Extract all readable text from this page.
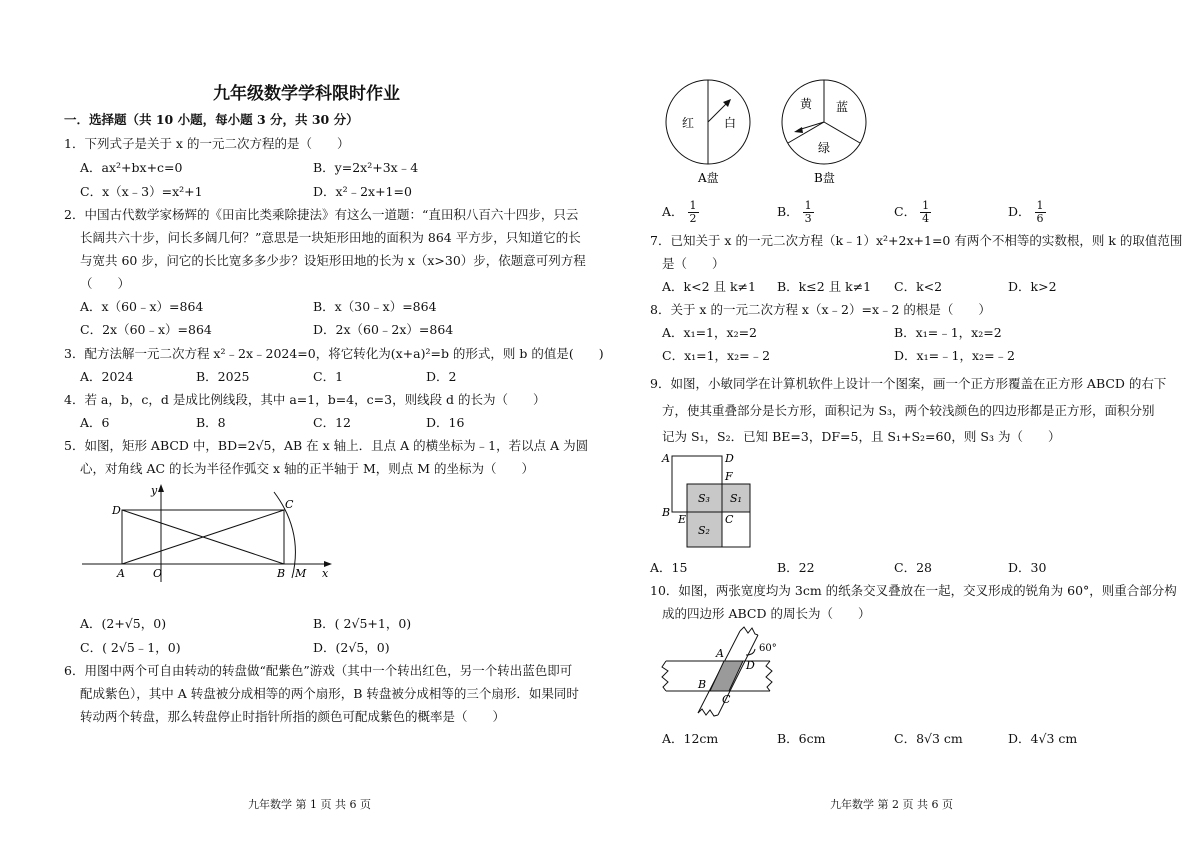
九年级数学学科限时作业
一．选择题（共 10 小题，每小题 3 分，共 30 分）
1．下列式子是关于 x 的一元二次方程的是（　　）
A．ax²+bx+c=0	B．y=2x²+3x﹣4
C．x（x﹣3）=x²+1	D．x²﹣2x+1=0
2．中国古代数学家杨辉的《田亩比类乘除捷法》有这么一道题：“直田积八百六十四步，只云
长阔共六十步，问长多阔几何？”意思是一块矩形田地的面积为 864 平方步，只知道它的长
与宽共 60 步，问它的长比宽多多少步？设矩形田地的长为 x（x>30）步，依题意可列方程
（　　）
A．x（60﹣x）=864	B．x（30﹣x）=864
C．2x（60﹣x）=864	D．2x（60﹣2x）=864
3．配方法解一元二次方程 x²﹣2x﹣2024=0，将它转化为(x+a)²=b 的形式，则 b 的值是(　　)
A．2024	B．2025	C．1	D．2
4．若 a，b，c，d 是成比例线段，其中 a=1，b=4，c=3，则线段 d 的长为（　　）
A．6	B．8	C．12	D．16
5．如图，矩形 ABCD 中，BD=2√5，AB 在 x 轴上．且点 A 的横坐标为﹣1，若以点 A 为圆
心，对角线 AC 的长为半径作弧交 x 轴的正半轴于 M，则点 M 的坐标为（　　）
D	C
A	O	B M x
y
A．(2+√5，0)	B．( 2√5+1，0)
C．( 2√5﹣1，0)	D．(2√5，0)
6．用图中两个可自由转动的转盘做“配紫色”游戏（其中一个转出红色，另一个转出蓝色即可
配成紫色），其中 A 转盘被分成相等的两个扇形，B 转盘被分成相等的三个扇形．如果同时
转动两个转盘，那么转盘停止时指针所指的颜色可配成紫色的概率是（　　）
九年数学 第 1 页 共 6 页
红 白
A盘
黄 蓝
绿
B盘
A． $\frac{1}{2}$	B． $\frac{1}{3}$	C． $\frac{1}{4}$	D． $\frac{1}{6}$
7．已知关于 x 的一元二次方程（k﹣1）x²+2x+1=0 有两个不相等的实数根，则 k 的取值范围
是（　　）
A．k<2 且 k≠1 B．k≤2 且 k≠1 C．k<2	D．k>2
8．关于 x 的一元二次方程 x（x﹣2）=x﹣2 的根是（　　）
A．x₁=1，x₂=2	B．x₁=﹣1，x₂=2
C．x₁=1，x₂=﹣2	D．x₁=﹣1，x₂=﹣2
9．如图，小敏同学在计算机软件上设计一个图案，画一个正方形覆盖在正方形 ABCD 的右下
方，使其重叠部分是长方形，面积记为 S₃，两个较浅颜色的四边形都是正方形，面积分别
记为 S₁，S₂．已知 BE=3，DF=5，且 S₁+S₂=60，则 S₃ 为（　　）
A	D
F
B
E	C
S₃ S₁
S₂
A．15	B．22	C．28	D．30
10．如图，两张宽度均为 3cm 的纸条交叉叠放在一起，交叉形成的锐角为 60°，则重合部分构
成的四边形 ABCD 的周长为（　　）
A
B
C
D
60°
A．12cm	B．6cm	C．8√3 cm	D．4√3 cm
九年数学 第 2 页 共 6 页
